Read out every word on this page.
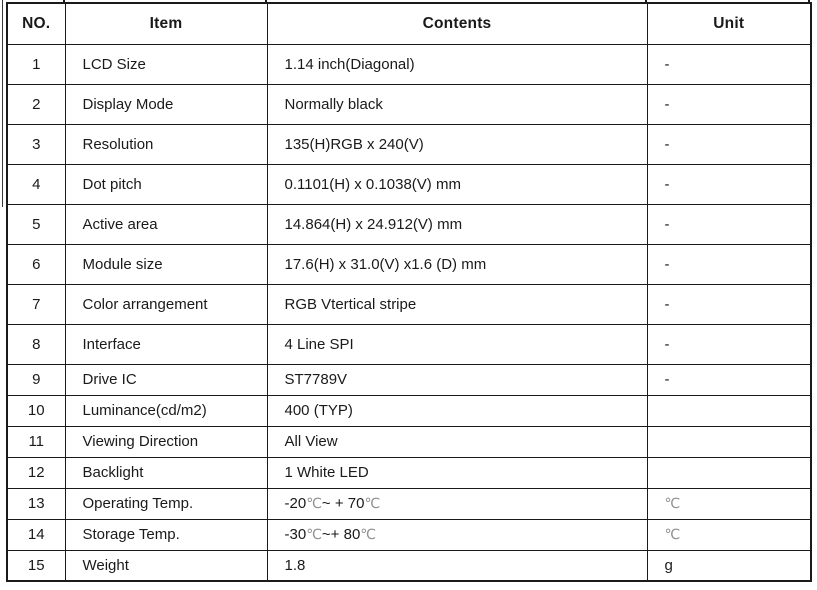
NO.	Item	Contents	Unit
1	LCD Size	1.14 inch(Diagonal)	-
2	Display Mode	Normally black	-
3	Resolution	135(H)RGB x 240(V)	-
4	Dot pitch	0.1101(H) x 0.1038(V) mm	-
5	Active area	14.864(H) x 24.912(V) mm	-
6	Module size	17.6(H) x 31.0(V) x1.6 (D) mm	-
7	Color arrangement	RGB Vtertical stripe	-
8	Interface	4 Line SPI	-
9	Drive IC	ST7789V	-
10	Luminance(cd/m2)	400 (TYP)	
11	Viewing Direction	All View	
12	Backlight	1 White LED	
13	Operating Temp.	-20℃~ + 70℃	℃
14	Storage Temp.	-30℃~+ 80℃	℃
15	Weight	1.8	g
